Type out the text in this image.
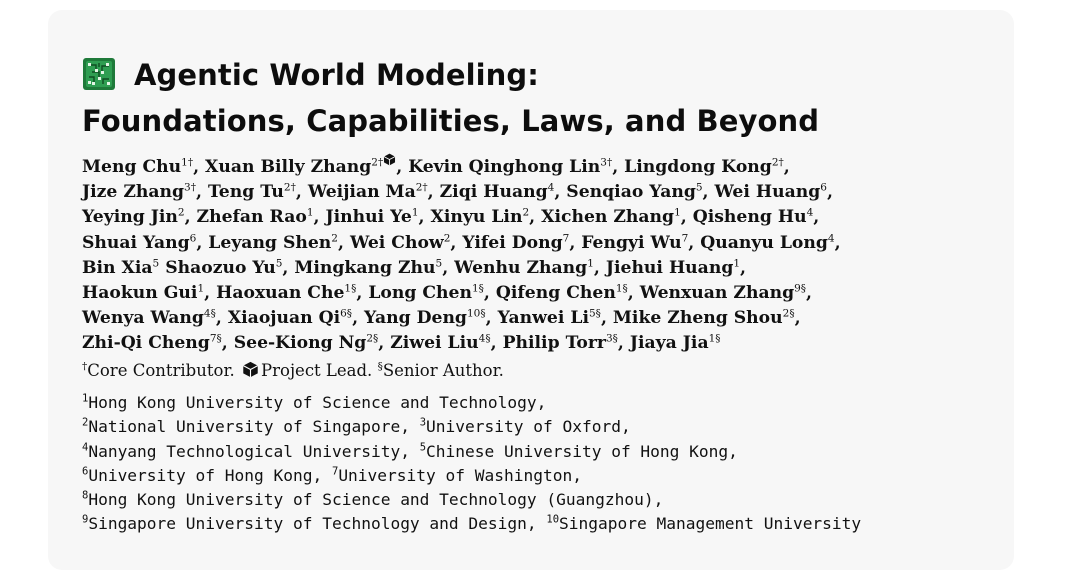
Agentic World Modeling:
Foundations, Capabilities, Laws, and Beyond
Meng Chu$^{1\dagger}$, Xuan Billy Zhang$^{2\dagger}$ , Kevin Qinghong Lin$^{3\dagger}$, Lingdong Kong$^{2\dagger}$,
Jize Zhang$^{3\dagger}$, Teng $Tu^{2\dagger}$, Weijian $Ma^{2\dagger}$, Ziqi Huang$^4$, Senqiao Yang$^5$, Wei Huang$^6$,
Yeying Jin$^2$, Zhefan Rao$^1$, Jinhui Ye$^1$, Xinyu Lin$^2$, Xichen Zhang$^1$, Qisheng Hu$^4$,
Shuai Yang$^6$, Leyang Shen$^2$, Wei Chow$^2$, Yifei Dong$^7$, Fengyi Wu$^7$, Quanyu Long$^4$,
Bin Xia$^5$ Shaozuo Yu$^5$, Mingkang Zhu$^5$, Wenhu Zhang$^1$, Jiehui Huang$^1$,
Haokun Gui$^1$, Haoxuan Che$^{1\S}$, Long Chen$^{1\S}$, Qifeng Chen$^{1\S}$, Wenxuan Zhang$^{9\S}$,
Wenya Wang$^{4\S}$, Xiaojuan $Qi^{6\S}$, Yang Deng$^{10\S}$, Yanwei $Li^{5\S}$, Mike Zheng Shou$^{2\S}$,
Zhi-Qi Cheng$^{7\S}$, See-Kiong $Ng^{2\S}$, Ziwei Liu$^{4\S}$, Philip Torr$^{3\S}$, Jiaya Jia$^{1\S}$
†Core Contributor. Project Lead. §Senior Author.
$^1$Hong Kong University of Science and Technology,
$^2$National University of Singapore, $^3$University of Oxford,
$^4$Nanyang Technological University, $^5$Chinese University of Hong Kong,
$^6$University of Hong Kong, $^7$University of Washington,
$^8$Hong Kong University of Science and Technology (Guangzhou),
$^9$Singapore University of Technology and Design, $^{10}$Singapore Management University
